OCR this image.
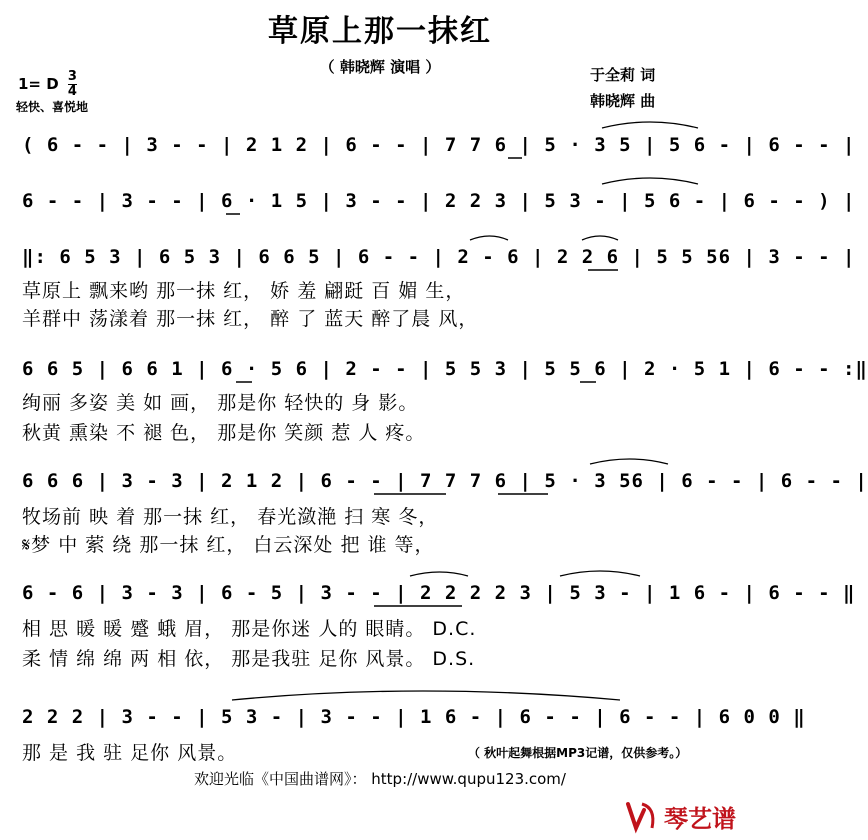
草原上那一抹红
（ 韩晓辉 演唱 ）
1= D $\frac{3}{4}$
轻快、喜悦地
于全莉 词
韩晓辉 曲
( 6 - - | 3 - - | 2 1 2 | 6 - - | 7 7 6 | 5 · 3 5 | 5 6 - | 6 - - |
6 - - | 3 - - | 6 · 1 5 | 3 - - | 2 2 3 | 5 3 - | 5 6 - | 6 - - ) |
‖: 6 5 3 | 6 5 3 | 6 6 5 | 6 - - | 2 - 6 | 2 2 6 | 5 5 56 | 3 - - |
草原上 飘来哟 那一抹 红， 娇 羞 翩跹 百 媚 生，
羊群中 荡漾着 那一抹 红， 醉 了 蓝天 醉了晨 风，
6 6 5 | 6 6 1 | 6 · 5 6 | 2 - - | 5 5 3 | 5 5 6 | 2 · 5 1 | 6 - - :‖
绚丽 多姿 美 如 画， 那是你 轻快的 身 影。
秋黄 熏染 不 褪 色， 那是你 笑颜 惹 人 疼。
6 6 6 | 3 - 3 | 2 1 2 | 6 - - | 7 7 7 6 | 5 · 3 56 | 6 - - | 6 - - |
牧场前 映 着 那一抹 红， 春光潋滟 扫 寒 冬，
𝄋梦 中 萦 绕 那一抹 红， 白云深处 把 谁 等，
6 - 6 | 3 - 3 | 6 - 5 | 3 - - | 2 2 2 2 3 | 5 3 - | 1 6 - | 6 - - ‖
相 思 暖 暖 蹙 蛾 眉， 那是你迷 人的 眼睛。 D.C.
柔 情 绵 绵 两 相 依， 那是我驻 足你 风景。 D.S.
2 2 2 | 3 - - | 5 3 - | 3 - - | 1 6 - | 6 - - | 6 - - | 6 0 0 ‖
那 是 我 驻 足你 风景。	（ 秋叶起舞根据MP3记谱，仅供参考。）
欢迎光临《中国曲谱网》： http://www.qupu123.com/
琴艺谱
